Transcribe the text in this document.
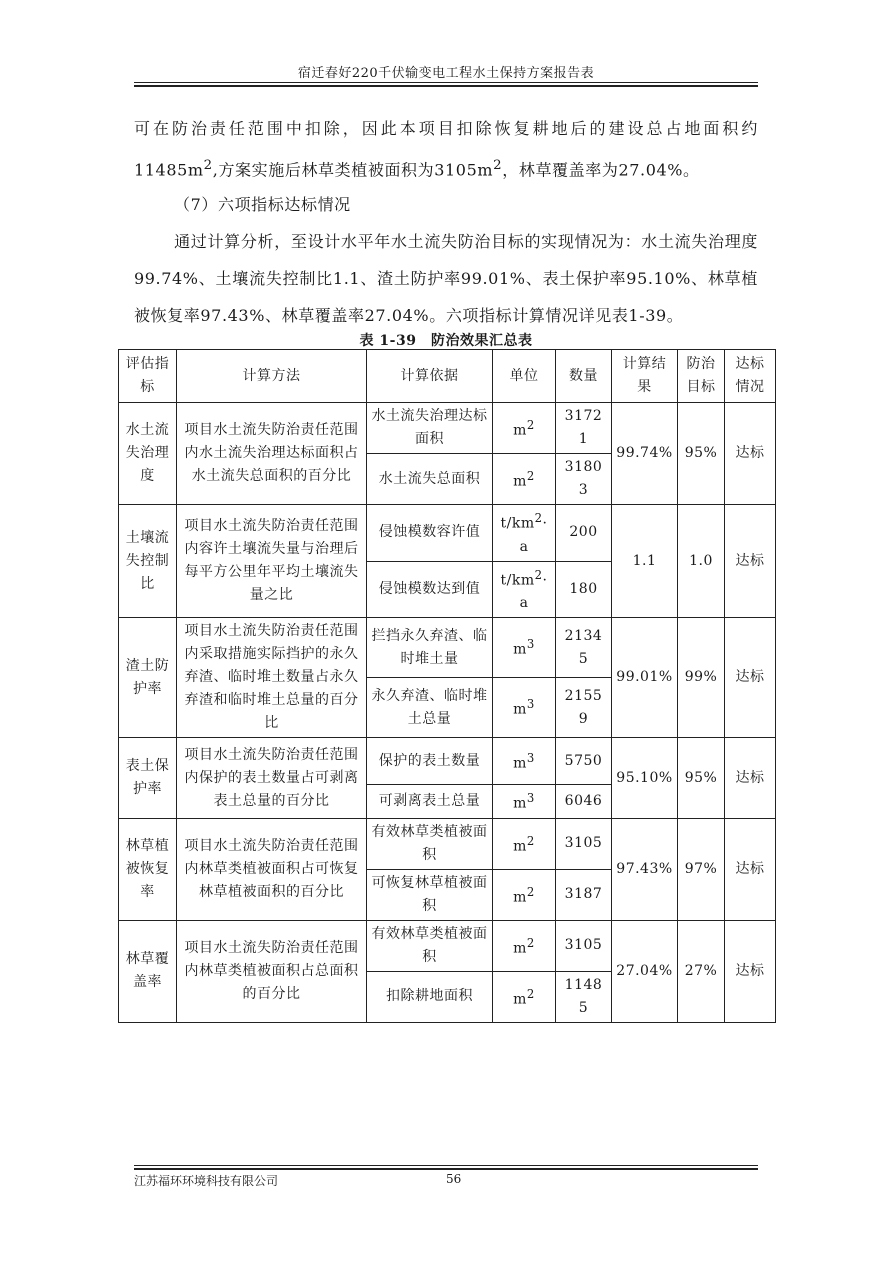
宿迁春好220千伏输变电工程水土保持方案报告表

可在防治责任范围中扣除，因此本项目扣除恢复耕地后的建设总占地面积约$11485m^2$,方案实施后林草类植被面积为$3105m^2$，林草覆盖率为27.04%。

（7）六项指标达标情况

通过计算分析，至设计水平年水土流失防治目标的实现情况为：水土流失治理度99.74%、土壤流失控制比1.1、渣土防护率99.01%、表土保护率95.10%、林草植被恢复率97.43%、林草覆盖率27.04%。六项指标计算情况详见表1-39。

表 1-39　防治效果汇总表
评估指标	计算方法	计算依据	单位	数量	计算结果	防治目标	达标情况
水土流失治理度	项目水土流失防治责任范围内水土流失治理达标面积占水土流失总面积的百分比	水土流失治理达标面积	$m^2$	31721	99.74%	95%	达标
		水土流失总面积	$m^2$	31803			
土壤流失控制比	项目水土流失防治责任范围内容许土壤流失量与治理后每平方公里年平均土壤流失量之比	侵蚀模数容许值	$t/km^2\cdot a$	200	1.1	1.0	达标
		侵蚀模数达到值	$t/km^2\cdot a$	180			
渣土防护率	项目水土流失防治责任范围内采取措施实际挡护的永久弃渣、临时堆土数量占永久弃渣和临时堆土总量的百分比	拦挡永久弃渣、临时堆土量	$m^3$	21345	99.01%	99%	达标
		永久弃渣、临时堆土总量	$m^3$	21559			
表土保护率	项目水土流失防治责任范围内保护的表土数量占可剥离表土总量的百分比	保护的表土数量	$m^3$	5750	95.10%	95%	达标
		可剥离表土总量	$m^3$	6046			
林草植被恢复率	项目水土流失防治责任范围内林草类植被面积占可恢复林草植被面积的百分比	有效林草类植被面积	$m^2$	3105	97.43%	97%	达标
		可恢复林草植被面积	$m^2$	3187			
林草覆盖率	项目水土流失防治责任范围内林草类植被面积占总面积的百分比	有效林草类植被面积	$m^2$	3105	27.04%	27%	达标
		扣除耕地面积	$m^2$	11485			
江苏福环环境科技有限公司	56
